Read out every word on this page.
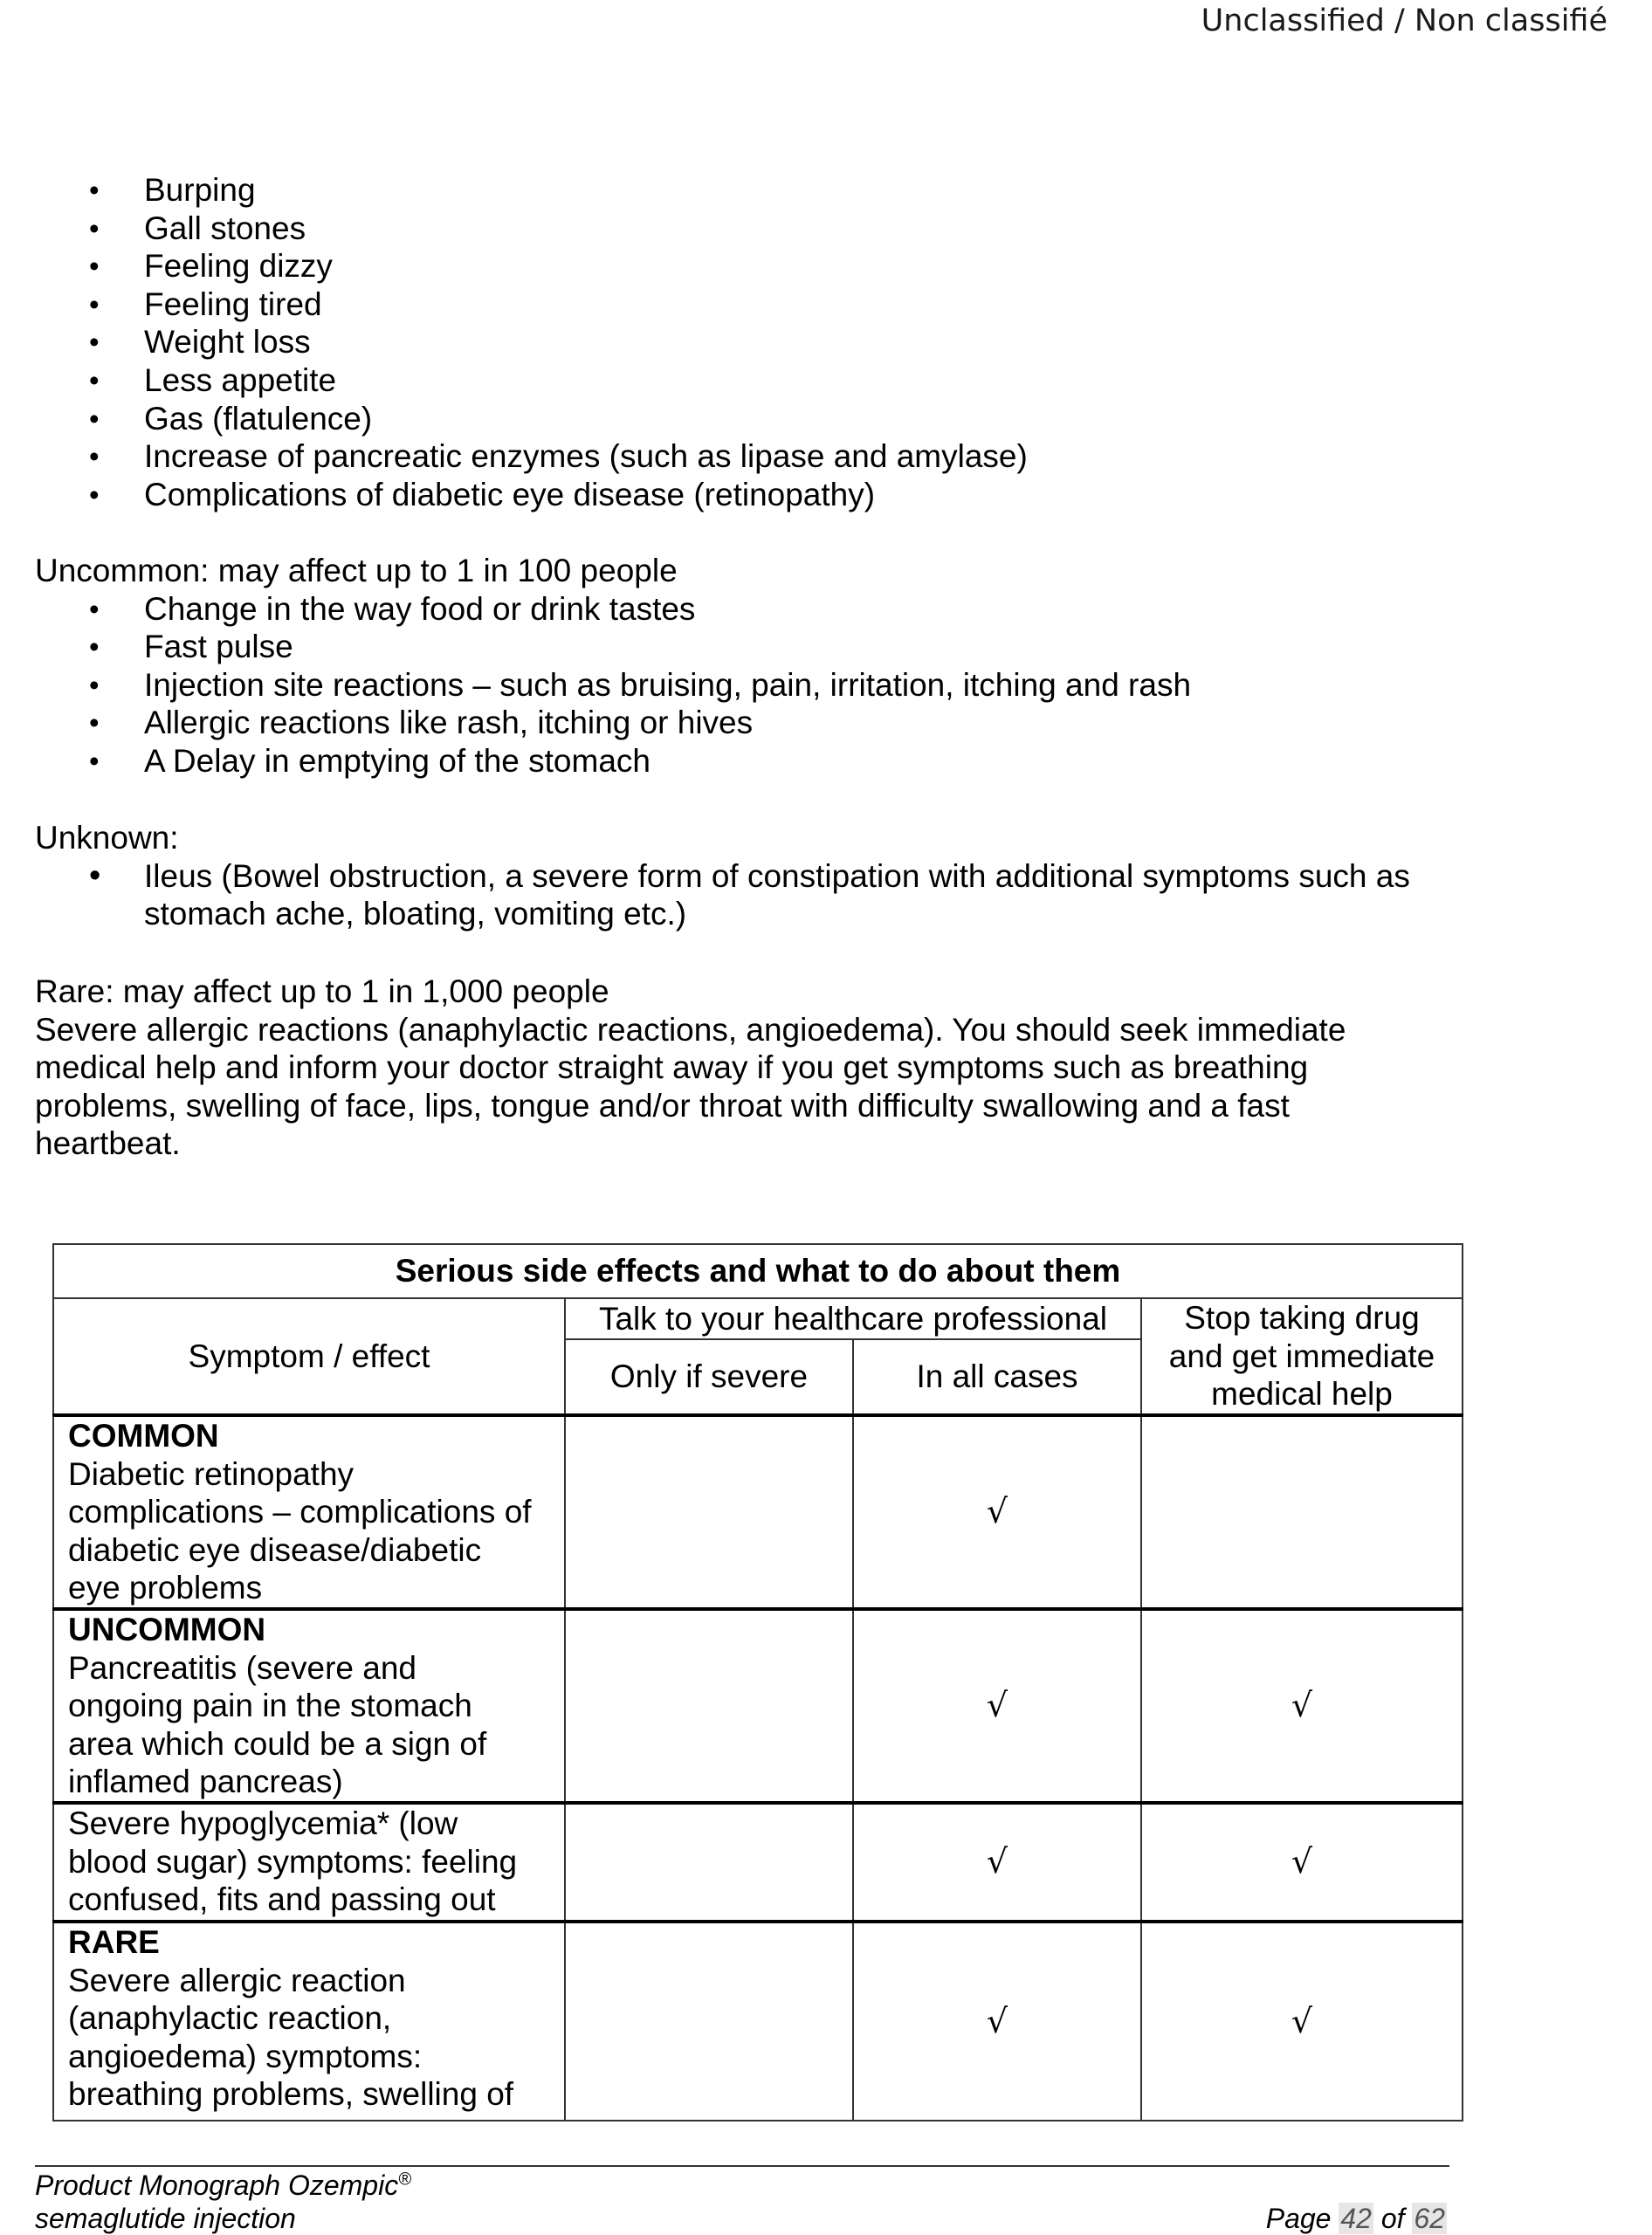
Unclassified / Non classifié
• Burping
• Gall stones
• Feeling dizzy
• Feeling tired
• Weight loss
• Less appetite
• Gas (flatulence)
• Increase of pancreatic enzymes (such as lipase and amylase)
• Complications of diabetic eye disease (retinopathy)

Uncommon: may affect up to 1 in 100 people

• Change in the way food or drink tastes
• Fast pulse
• Injection site reactions – such as bruising, pain, irritation, itching and rash
• Allergic reactions like rash, itching or hives
• A Delay in emptying of the stomach

Unknown:

• Ileus (Bowel obstruction, a severe form of constipation with additional symptoms such as
stomach ache, bloating, vomiting etc.)

Rare: may affect up to 1 in 1,000 people

Severe allergic reactions (anaphylactic reactions, angioedema). You should seek immediate

medical help and inform your doctor straight away if you get symptoms such as breathing

problems, swelling of face, lips, tongue and/or throat with difficulty swallowing and a fast

heartbeat.

Serious side effects and what to do about them			
Symptom / effect	Talk to your healthcare professional		Stop taking drug
and get immediate
medical help
	Only if severe	In all cases	

COMMON
Diabetic retinopathy
complications – complications of
diabetic eye disease/diabetic
eye problems		√	

UNCOMMON
Pancreatitis (severe and
ongoing pain in the stomach
area which could be a sign of
inflamed pancreas)		√	√
Severe hypoglycemia* (low
blood sugar) symptoms: feeling
confused, fits and passing out		√	√

RARE
Severe allergic reaction
(anaphylactic reaction,
angioedema) symptoms:
breathing problems, swelling of		√	√
Product Monograph Ozempic®
semaglutide injection	Page 42 of 62
